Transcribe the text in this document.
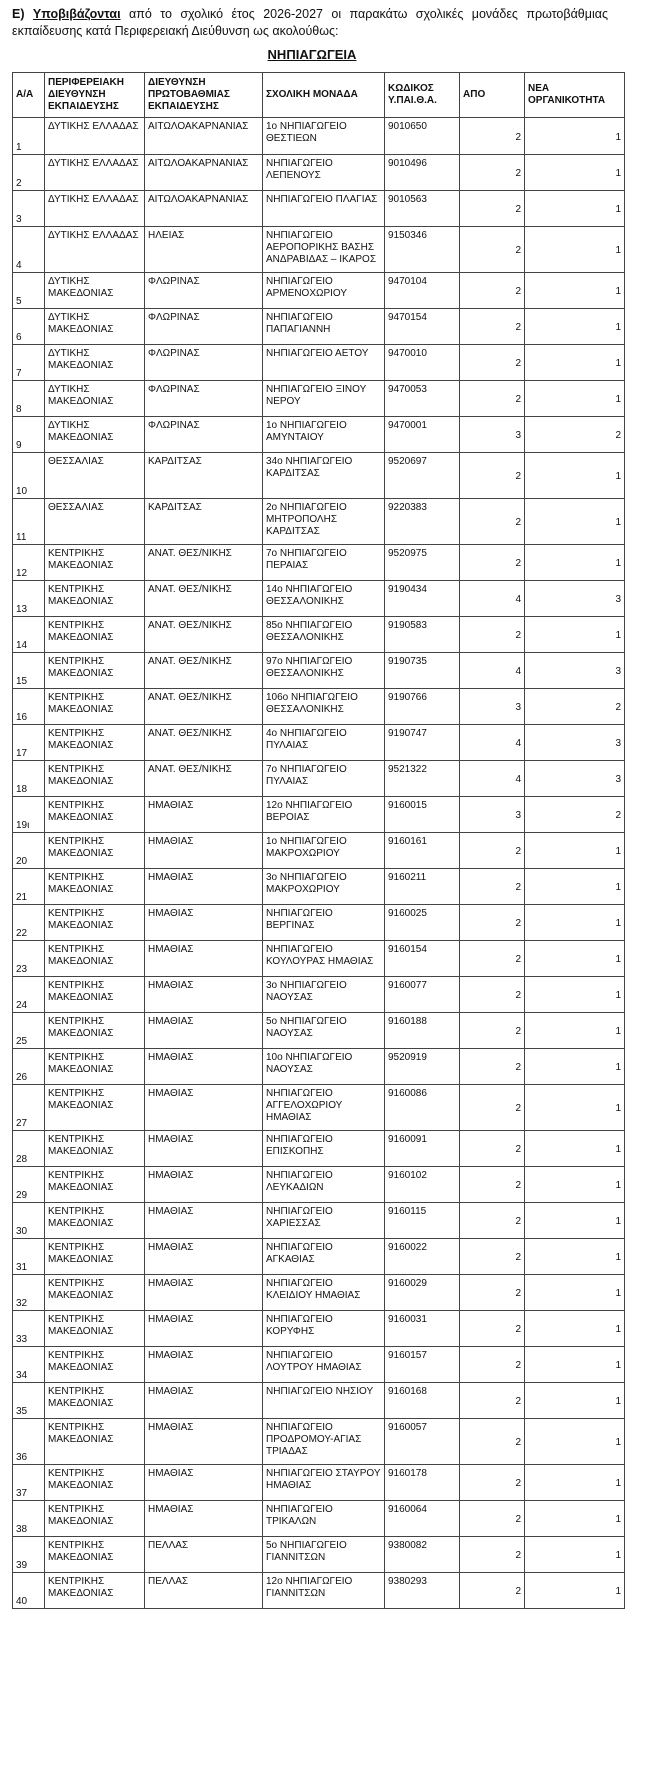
Ε) Υποβιβάζονται από το σχολικό έτος 2026-2027 οι παρακάτω σχολικές μονάδες πρωτοβάθμιας εκπαίδευσης κατά Περιφερειακή Διεύθυνση ως ακολούθως:
ΝΗΠΙΑΓΩΓΕΙΑ
Α/Α	ΠΕΡΙΦΕΡΕΙΑΚΗ ΔΙΕΥΘΥΝΣΗ ΕΚΠΑΙΔΕΥΣΗΣ	ΔΙΕΥΘΥΝΣΗ ΠΡΩΤΟΒΑΘΜΙΑΣ ΕΚΠΑΙΔΕΥΣΗΣ	ΣΧΟΛΙΚΗ ΜΟΝΑΔΑ	ΚΩΔΙΚΟΣ Υ.ΠΑΙ.Θ.Α.	ΑΠΟ	ΝΕΑ ΟΡΓΑΝΙΚΟΤΗΤΑ
1	ΔΥΤΙΚΗΣ ΕΛΛΑΔΑΣ	ΑΙΤΩΛΟΑΚΑΡΝΑΝΙΑΣ	1ο ΝΗΠΙΑΓΩΓΕΙΟ ΘΕΣΤΙΕΩΝ	9010650	2	1
2	ΔΥΤΙΚΗΣ ΕΛΛΑΔΑΣ	ΑΙΤΩΛΟΑΚΑΡΝΑΝΙΑΣ	ΝΗΠΙΑΓΩΓΕΙΟ ΛΕΠΕΝΟΥΣ	9010496	2	1
3	ΔΥΤΙΚΗΣ ΕΛΛΑΔΑΣ	ΑΙΤΩΛΟΑΚΑΡΝΑΝΙΑΣ	ΝΗΠΙΑΓΩΓΕΙΟ ΠΛΑΓΙΑΣ	9010563	2	1
4	ΔΥΤΙΚΗΣ ΕΛΛΑΔΑΣ	ΗΛΕΙΑΣ	ΝΗΠΙΑΓΩΓΕΙΟ ΑΕΡΟΠΟΡΙΚΗΣ ΒΑΣΗΣ ΑΝΔΡΑΒΙΔΑΣ – ΙΚΑΡΟΣ	9150346	2	1
5	ΔΥΤΙΚΗΣ ΜΑΚΕΔΟΝΙΑΣ	ΦΛΩΡΙΝΑΣ	ΝΗΠΙΑΓΩΓΕΙΟ ΑΡΜΕΝΟΧΩΡΙΟΥ	9470104	2	1
6	ΔΥΤΙΚΗΣ ΜΑΚΕΔΟΝΙΑΣ	ΦΛΩΡΙΝΑΣ	ΝΗΠΙΑΓΩΓΕΙΟ ΠΑΠΑΓΙΑΝΝΗ	9470154	2	1
7	ΔΥΤΙΚΗΣ ΜΑΚΕΔΟΝΙΑΣ	ΦΛΩΡΙΝΑΣ	ΝΗΠΙΑΓΩΓΕΙΟ ΑΕΤΟΥ	9470010	2	1
8	ΔΥΤΙΚΗΣ ΜΑΚΕΔΟΝΙΑΣ	ΦΛΩΡΙΝΑΣ	ΝΗΠΙΑΓΩΓΕΙΟ ΞΙΝΟΥ ΝΕΡΟΥ	9470053	2	1
9	ΔΥΤΙΚΗΣ ΜΑΚΕΔΟΝΙΑΣ	ΦΛΩΡΙΝΑΣ	1ο ΝΗΠΙΑΓΩΓΕΙΟ ΑΜΥΝΤΑΙΟΥ	9470001	3	2
10	ΘΕΣΣΑΛΙΑΣ	ΚΑΡΔΙΤΣΑΣ	34ο ΝΗΠΙΑΓΩΓΕΙΟ ΚΑΡΔΙΤΣΑΣ	9520697	2	1
11	ΘΕΣΣΑΛΙΑΣ	ΚΑΡΔΙΤΣΑΣ	2ο ΝΗΠΙΑΓΩΓΕΙΟ ΜΗΤΡΟΠΟΛΗΣ ΚΑΡΔΙΤΣΑΣ	9220383	2	1
12	ΚΕΝΤΡΙΚΗΣ ΜΑΚΕΔΟΝΙΑΣ	ΑΝΑΤ. ΘΕΣ/ΝΙΚΗΣ	7ο ΝΗΠΙΑΓΩΓΕΙΟ ΠΕΡΑΙΑΣ	9520975	2	1
13	ΚΕΝΤΡΙΚΗΣ ΜΑΚΕΔΟΝΙΑΣ	ΑΝΑΤ. ΘΕΣ/ΝΙΚΗΣ	14ο ΝΗΠΙΑΓΩΓΕΙΟ ΘΕΣΣΑΛΟΝΙΚΗΣ	9190434	4	3
14	ΚΕΝΤΡΙΚΗΣ ΜΑΚΕΔΟΝΙΑΣ	ΑΝΑΤ. ΘΕΣ/ΝΙΚΗΣ	85ο ΝΗΠΙΑΓΩΓΕΙΟ ΘΕΣΣΑΛΟΝΙΚΗΣ	9190583	2	1
15	ΚΕΝΤΡΙΚΗΣ ΜΑΚΕΔΟΝΙΑΣ	ΑΝΑΤ. ΘΕΣ/ΝΙΚΗΣ	97ο ΝΗΠΙΑΓΩΓΕΙΟ ΘΕΣΣΑΛΟΝΙΚΗΣ	9190735	4	3
16	ΚΕΝΤΡΙΚΗΣ ΜΑΚΕΔΟΝΙΑΣ	ΑΝΑΤ. ΘΕΣ/ΝΙΚΗΣ	106ο ΝΗΠΙΑΓΩΓΕΙΟ ΘΕΣΣΑΛΟΝΙΚΗΣ	9190766	3	2
17	ΚΕΝΤΡΙΚΗΣ ΜΑΚΕΔΟΝΙΑΣ	ΑΝΑΤ. ΘΕΣ/ΝΙΚΗΣ	4ο ΝΗΠΙΑΓΩΓΕΙΟ ΠΥΛΑΙΑΣ	9190747	4	3
18	ΚΕΝΤΡΙΚΗΣ ΜΑΚΕΔΟΝΙΑΣ	ΑΝΑΤ. ΘΕΣ/ΝΙΚΗΣ	7ο ΝΗΠΙΑΓΩΓΕΙΟ ΠΥΛΑΙΑΣ	9521322	4	3
19ι	ΚΕΝΤΡΙΚΗΣ ΜΑΚΕΔΟΝΙΑΣ	ΗΜΑΘΙΑΣ	12ο ΝΗΠΙΑΓΩΓΕΙΟ ΒΕΡΟΙΑΣ	9160015	3	2
20	ΚΕΝΤΡΙΚΗΣ ΜΑΚΕΔΟΝΙΑΣ	ΗΜΑΘΙΑΣ	1ο ΝΗΠΙΑΓΩΓΕΙΟ ΜΑΚΡΟΧΩΡΙΟΥ	9160161	2	1
21	ΚΕΝΤΡΙΚΗΣ ΜΑΚΕΔΟΝΙΑΣ	ΗΜΑΘΙΑΣ	3ο ΝΗΠΙΑΓΩΓΕΙΟ ΜΑΚΡΟΧΩΡΙΟΥ	9160211	2	1
22	ΚΕΝΤΡΙΚΗΣ ΜΑΚΕΔΟΝΙΑΣ	ΗΜΑΘΙΑΣ	ΝΗΠΙΑΓΩΓΕΙΟ ΒΕΡΓΙΝΑΣ	9160025	2	1
23	ΚΕΝΤΡΙΚΗΣ ΜΑΚΕΔΟΝΙΑΣ	ΗΜΑΘΙΑΣ	ΝΗΠΙΑΓΩΓΕΙΟ ΚΟΥΛΟΥΡΑΣ ΗΜΑΘΙΑΣ	9160154	2	1
24	ΚΕΝΤΡΙΚΗΣ ΜΑΚΕΔΟΝΙΑΣ	ΗΜΑΘΙΑΣ	3ο ΝΗΠΙΑΓΩΓΕΙΟ ΝΑΟΥΣΑΣ	9160077	2	1
25	ΚΕΝΤΡΙΚΗΣ ΜΑΚΕΔΟΝΙΑΣ	ΗΜΑΘΙΑΣ	5ο ΝΗΠΙΑΓΩΓΕΙΟ ΝΑΟΥΣΑΣ	9160188	2	1
26	ΚΕΝΤΡΙΚΗΣ ΜΑΚΕΔΟΝΙΑΣ	ΗΜΑΘΙΑΣ	10ο ΝΗΠΙΑΓΩΓΕΙΟ ΝΑΟΥΣΑΣ	9520919	2	1
27	ΚΕΝΤΡΙΚΗΣ ΜΑΚΕΔΟΝΙΑΣ	ΗΜΑΘΙΑΣ	ΝΗΠΙΑΓΩΓΕΙΟ ΑΓΓΕΛΟΧΩΡΙΟΥ ΗΜΑΘΙΑΣ	9160086	2	1
28	ΚΕΝΤΡΙΚΗΣ ΜΑΚΕΔΟΝΙΑΣ	ΗΜΑΘΙΑΣ	ΝΗΠΙΑΓΩΓΕΙΟ ΕΠΙΣΚΟΠΗΣ	9160091	2	1
29	ΚΕΝΤΡΙΚΗΣ ΜΑΚΕΔΟΝΙΑΣ	ΗΜΑΘΙΑΣ	ΝΗΠΙΑΓΩΓΕΙΟ ΛΕΥΚΑΔΙΩΝ	9160102	2	1
30	ΚΕΝΤΡΙΚΗΣ ΜΑΚΕΔΟΝΙΑΣ	ΗΜΑΘΙΑΣ	ΝΗΠΙΑΓΩΓΕΙΟ ΧΑΡΙΕΣΣΑΣ	9160115	2	1
31	ΚΕΝΤΡΙΚΗΣ ΜΑΚΕΔΟΝΙΑΣ	ΗΜΑΘΙΑΣ	ΝΗΠΙΑΓΩΓΕΙΟ ΑΓΚΑΘΙΑΣ	9160022	2	1
32	ΚΕΝΤΡΙΚΗΣ ΜΑΚΕΔΟΝΙΑΣ	ΗΜΑΘΙΑΣ	ΝΗΠΙΑΓΩΓΕΙΟ ΚΛΕΙΔΙΟΥ ΗΜΑΘΙΑΣ	9160029	2	1
33	ΚΕΝΤΡΙΚΗΣ ΜΑΚΕΔΟΝΙΑΣ	ΗΜΑΘΙΑΣ	ΝΗΠΙΑΓΩΓΕΙΟ ΚΟΡΥΦΗΣ	9160031	2	1
34	ΚΕΝΤΡΙΚΗΣ ΜΑΚΕΔΟΝΙΑΣ	ΗΜΑΘΙΑΣ	ΝΗΠΙΑΓΩΓΕΙΟ ΛΟΥΤΡΟΥ ΗΜΑΘΙΑΣ	9160157	2	1
35	ΚΕΝΤΡΙΚΗΣ ΜΑΚΕΔΟΝΙΑΣ	ΗΜΑΘΙΑΣ	ΝΗΠΙΑΓΩΓΕΙΟ ΝΗΣΙΟΥ	9160168	2	1
36	ΚΕΝΤΡΙΚΗΣ ΜΑΚΕΔΟΝΙΑΣ	ΗΜΑΘΙΑΣ	ΝΗΠΙΑΓΩΓΕΙΟ ΠΡΟΔΡΟΜΟΥ-ΑΓΙΑΣ ΤΡΙΑΔΑΣ	9160057	2	1
37	ΚΕΝΤΡΙΚΗΣ ΜΑΚΕΔΟΝΙΑΣ	ΗΜΑΘΙΑΣ	ΝΗΠΙΑΓΩΓΕΙΟ ΣΤΑΥΡΟΥ ΗΜΑΘΙΑΣ	9160178	2	1
38	ΚΕΝΤΡΙΚΗΣ ΜΑΚΕΔΟΝΙΑΣ	ΗΜΑΘΙΑΣ	ΝΗΠΙΑΓΩΓΕΙΟ ΤΡΙΚΑΛΩΝ	9160064	2	1
39	ΚΕΝΤΡΙΚΗΣ ΜΑΚΕΔΟΝΙΑΣ	ΠΕΛΛΑΣ	5ο ΝΗΠΙΑΓΩΓΕΙΟ ΓΙΑΝΝΙΤΣΩΝ	9380082	2	1
40	ΚΕΝΤΡΙΚΗΣ ΜΑΚΕΔΟΝΙΑΣ	ΠΕΛΛΑΣ	12ο ΝΗΠΙΑΓΩΓΕΙΟ ΓΙΑΝΝΙΤΣΩΝ	9380293	2	1
